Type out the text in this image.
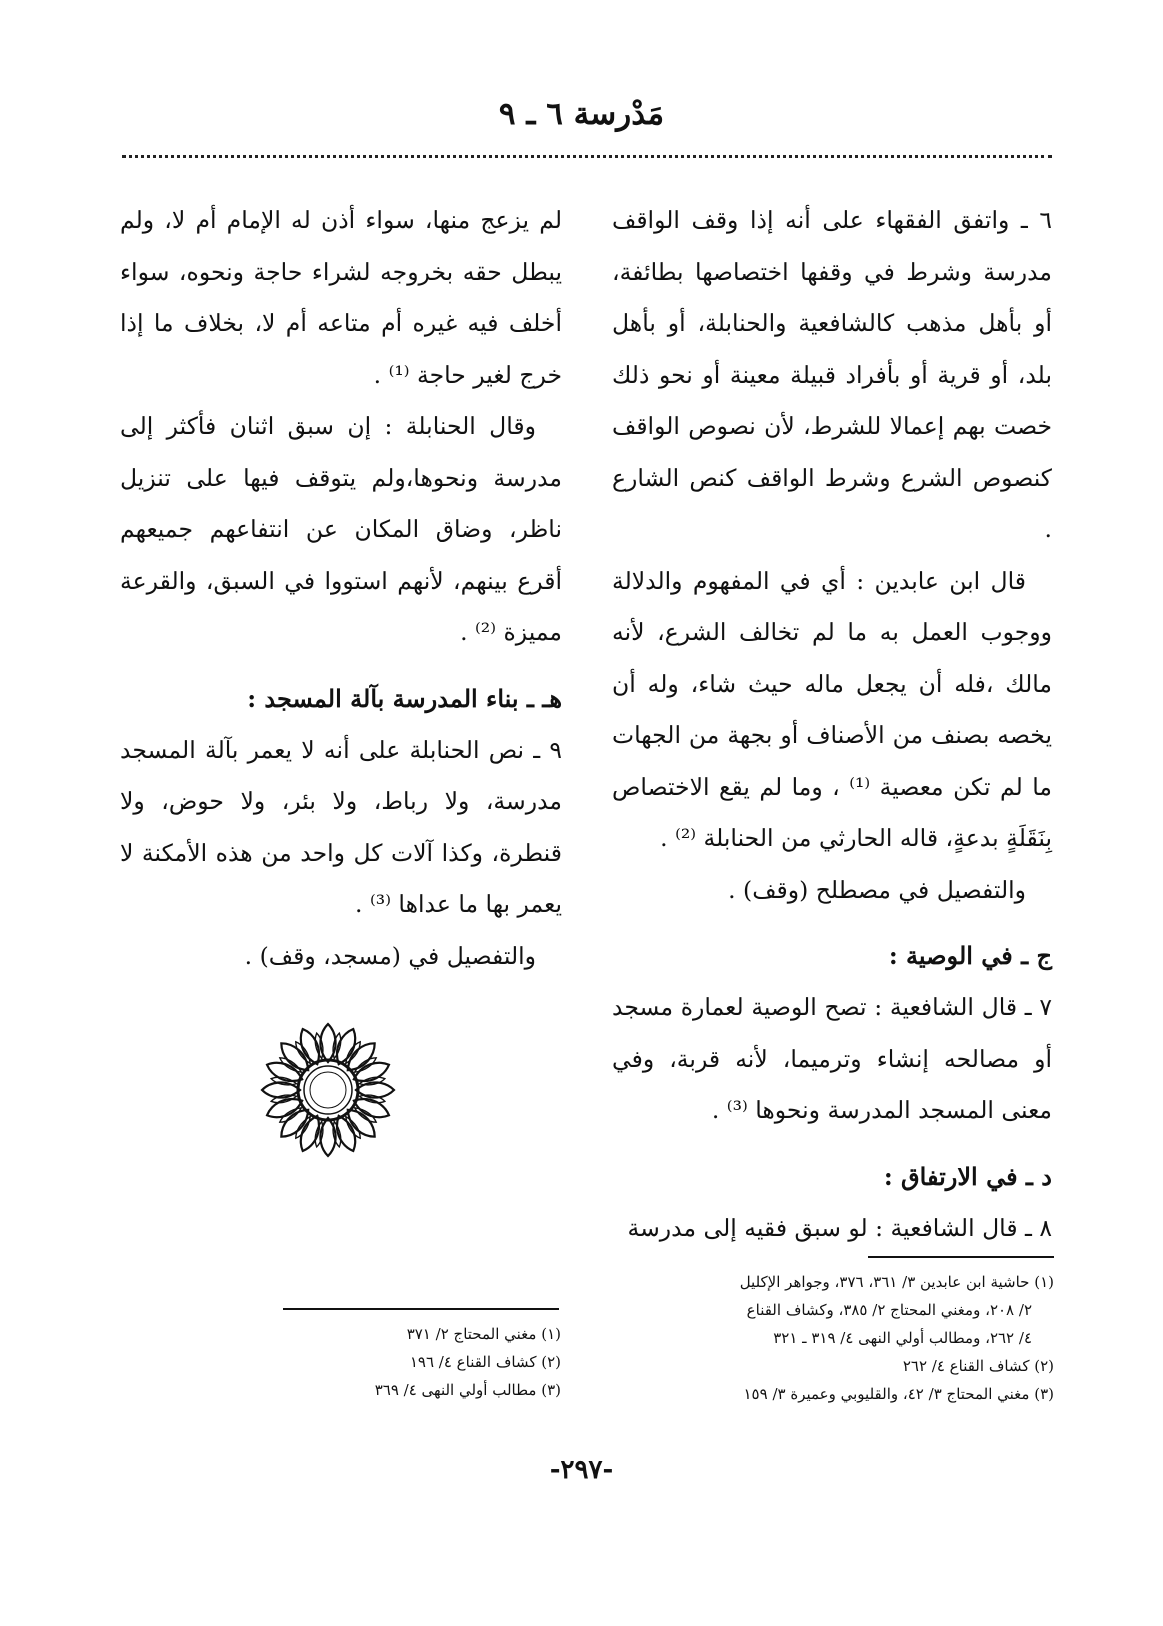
مَدْرسة ٦ ـ ٩

٦ ـ واتفق الفقهاء على أنه إذا وقف الواقف مدرسة وشرط في وقفها اختصاصها بطائفة، أو بأهل مذهب كالشافعية والحنابلة، أو بأهل بلد، أو قرية أو بأفراد قبيلة معينة أو نحو ذلك خصت بهم إعمالا للشرط، لأن نصوص الواقف كنصوص الشرع وشرط الواقف كنص الشارع .

قال ابن عابدين : أي في المفهوم والدلالة ووجوب العمل به ما لم تخالف الشرع، لأنه مالك ،فله أن يجعل ماله حيث شاء، وله أن يخصه بصنف من الأصناف أو بجهة من الجهات ما لم تكن معصية ⁽¹⁾ ، وما لم يقع الاختصاص بِنَقَلَةٍ بدعةٍ، قاله الحارثي من الحنابلة ⁽²⁾ .

والتفصيل في مصطلح (وقف) .

ج ـ في الوصية :

٧ ـ قال الشافعية : تصح الوصية لعمارة مسجد أو مصالحه إنشاء وترميما، لأنه قربة، وفي معنى المسجد المدرسة ونحوها ⁽³⁾ .

د ـ في الارتفاق :

٨ ـ قال الشافعية : لو سبق فقيه إلى مدرسة

لم يزعج منها، سواء أذن له الإمام أم لا، ولم يبطل حقه بخروجه لشراء حاجة ونحوه، سواء أخلف فيه غيره أم متاعه أم لا، بخلاف ما إذا خرج لغير حاجة ⁽¹⁾ .

وقال الحنابلة : إن سبق اثنان فأكثر إلى مدرسة ونحوها،ولم يتوقف فيها على تنزيل ناظر، وضاق المكان عن انتفاعهم جميعهم أقرع بينهم، لأنهم استووا في السبق، والقرعة مميزة ⁽²⁾ .

هـ ـ بناء المدرسة بآلة المسجد :

٩ ـ نص الحنابلة على أنه لا يعمر بآلة المسجد مدرسة، ولا رباط، ولا بئر، ولا حوض، ولا قنطرة، وكذا آلات كل واحد من هذه الأمكنة لا يعمر بها ما عداها ⁽³⁾ .

والتفصيل في (مسجد، وقف) .

(١) حاشية ابن عابدين ٣/ ٣٦١، ٣٧٦، وجواهر الإكليل

٢/ ٢٠٨، ومغني المحتاج ٢/ ٣٨٥، وكشاف القناع

٤/ ٢٦٢، ومطالب أولي النهى ٤/ ٣١٩ ـ ٣٢١

(٢) كشاف القناع ٤/ ٢٦٢

(٣) مغني المحتاج ٣/ ٤٢، والقليوبي وعميرة ٣/ ١٥٩

(١) مغني المحتاج ٢/ ٣٧١

(٢) كشاف القناع ٤/ ١٩٦

(٣) مطالب أولي النهى ٤/ ٣٦٩

-٢٩٧-
